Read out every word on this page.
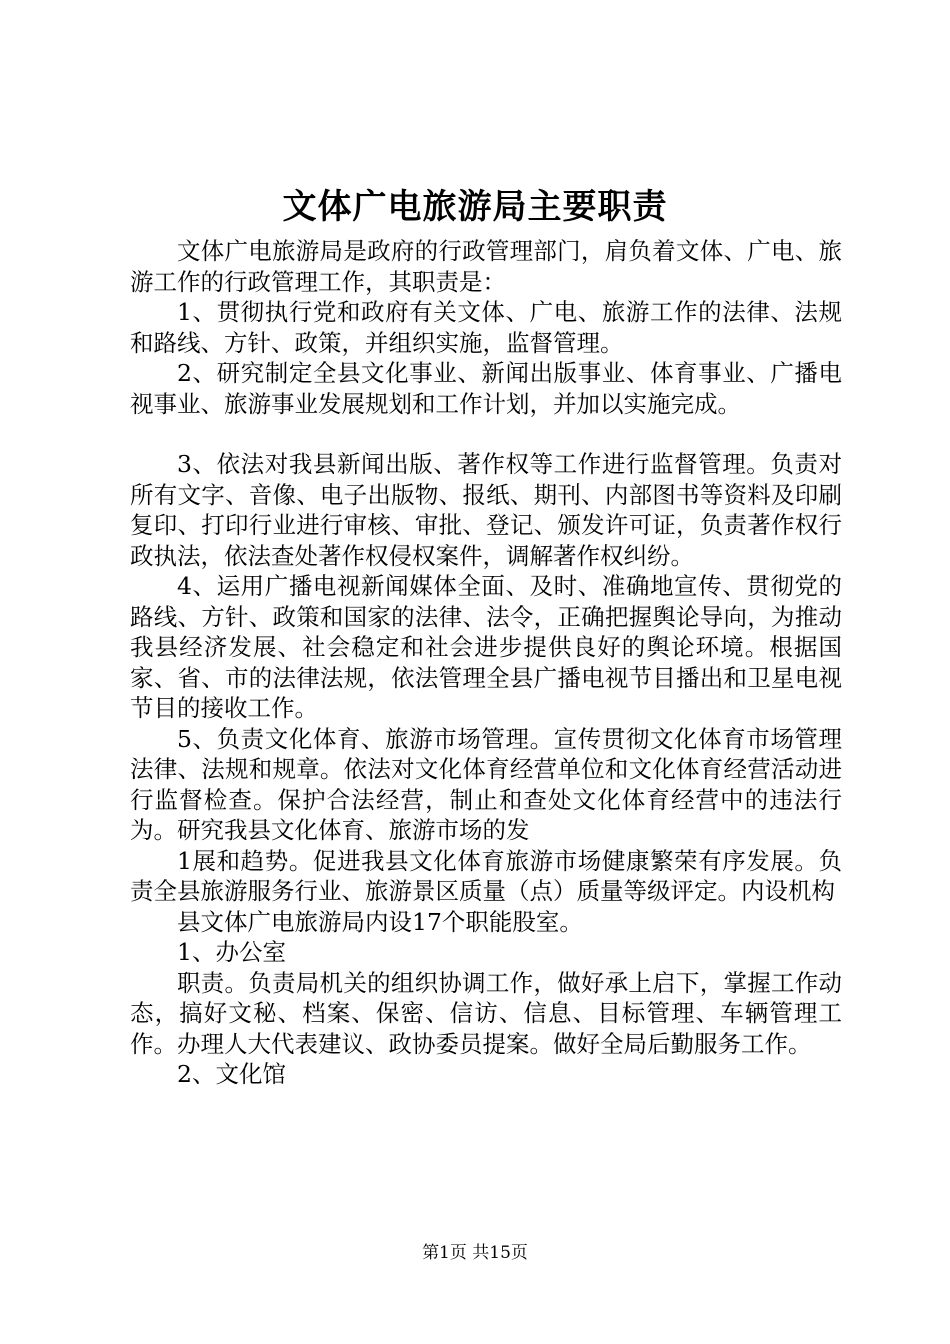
文体广电旅游局主要职责

文体广电旅游局是政府的行政管理部门，肩负着文体、广电、旅游工作的行政管理工作，其职责是：

1、贯彻执行党和政府有关文体、广电、旅游工作的法律、法规和路线、方针、政策，并组织实施，监督管理。

2、研究制定全县文化事业、新闻出版事业、体育事业、广播电视事业、旅游事业发展规划和工作计划，并加以实施完成。

3、依法对我县新闻出版、著作权等工作进行监督管理。负责对所有文字、音像、电子出版物、报纸、期刊、内部图书等资料及印刷复印、打印行业进行审核、审批、登记、颁发许可证，负责著作权行政执法，依法查处著作权侵权案件，调解著作权纠纷。

4、运用广播电视新闻媒体全面、及时、准确地宣传、贯彻党的路线、方针、政策和国家的法律、法令，正确把握舆论导向，为推动我县经济发展、社会稳定和社会进步提供良好的舆论环境。根据国家、省、市的法律法规，依法管理全县广播电视节目播出和卫星电视节目的接收工作。

5、负责文化体育、旅游市场管理。宣传贯彻文化体育市场管理法律、法规和规章。依法对文化体育经营单位和文化体育经营活动进行监督检查。保护合法经营，制止和查处文化体育经营中的违法行为。研究我县文化体育、旅游市场的发

1展和趋势。促进我县文化体育旅游市场健康繁荣有序发展。负责全县旅游服务行业、旅游景区质量（点）质量等级评定。内设机构

县文体广电旅游局内设17个职能股室。

1、办公室

职责。负责局机关的组织协调工作，做好承上启下，掌握工作动态，搞好文秘、档案、保密、信访、信息、目标管理、车辆管理工作。办理人大代表建议、政协委员提案。做好全局后勤服务工作。

2、文化馆

第1页 共15页
